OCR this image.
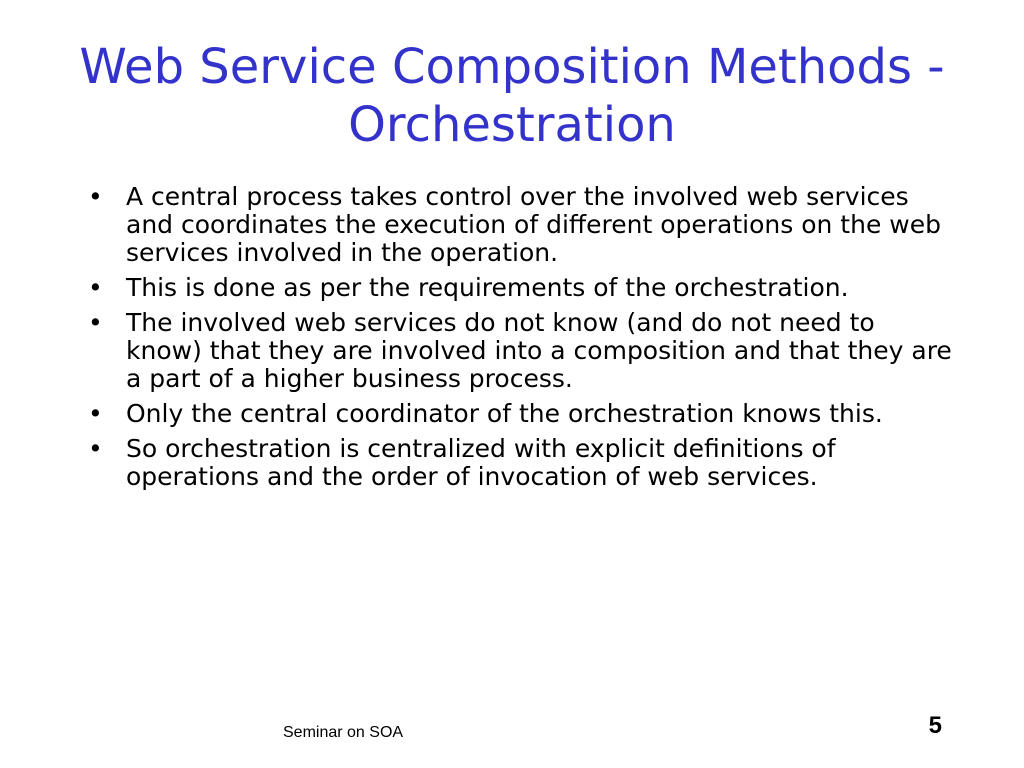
Web Service Composition Methods - Orchestration
• A central process takes control over the involved web services and coordinates the execution of different operations on the web services involved in the operation.
• This is done as per the requirements of the orchestration.
• The involved web services do not know (and do not need to know) that they are involved into a composition and that they are a part of a higher business process.
• Only the central coordinator of the orchestration knows this.
• So orchestration is centralized with explicit definitions of operations and the order of invocation of web services.
Seminar on SOA	5
